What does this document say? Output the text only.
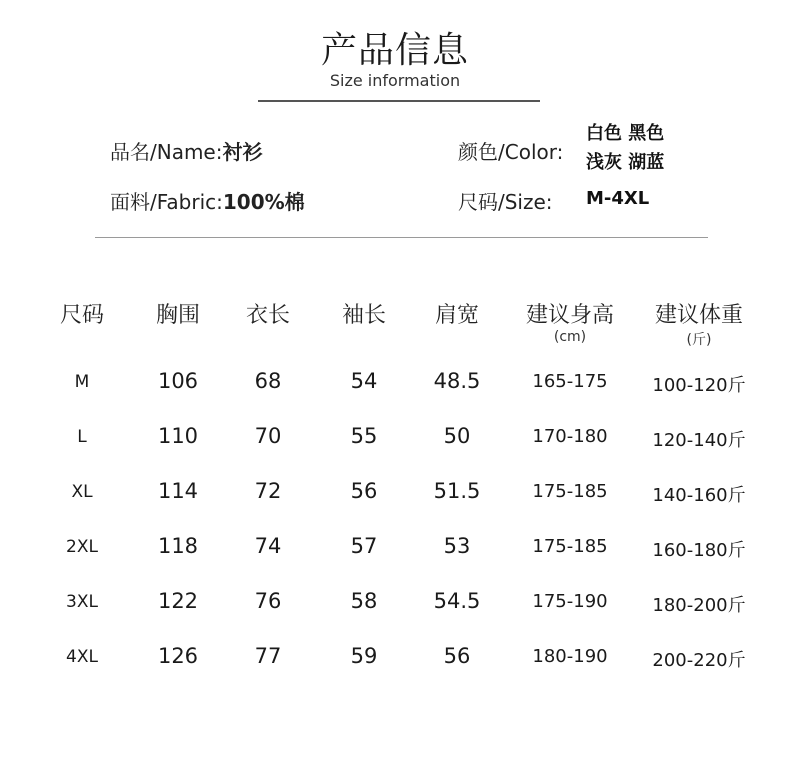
产品信息
Size information
品名/Name:衬衫
面料/Fabric:100%棉
颜色/Color:
白色 黑色
浅灰 湖蓝
尺码/Size: M-4XL
尺码 胸围 衣长 袖长 肩宽 建议身高 建议体重
(cm)	(斤)
M	106	68	54	48.5	165-175 100-120斤
L	110	70	55	50	170-180 120-140斤
XL	114	72	56	51.5	175-185 140-160斤
2XL	118	74	57	53	175-185 160-180斤
3XL	122	76	58	54.5	175-190 180-200斤
4XL	126	77	59	56	180-190 200-220斤
